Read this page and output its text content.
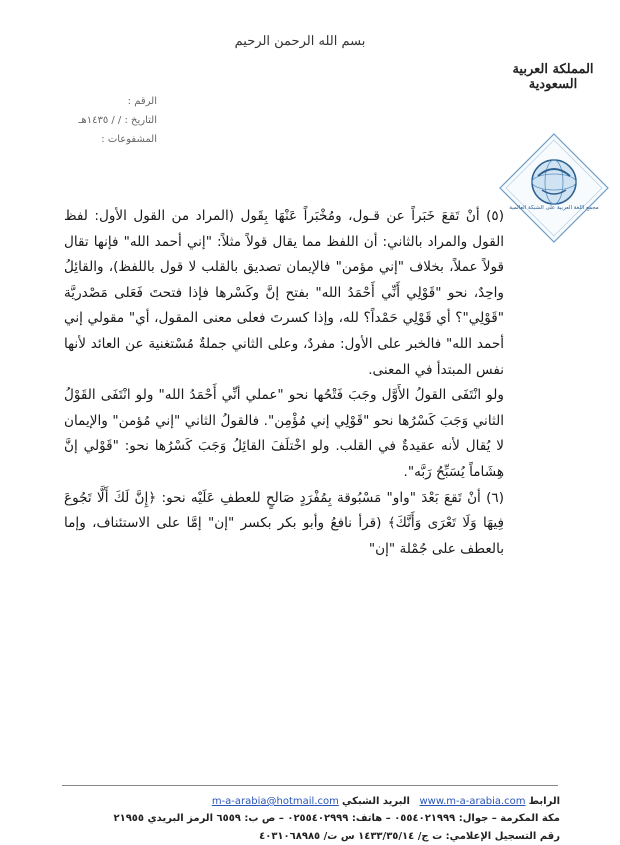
بسم الله الرحمن الرحيم
المملكة العربية السعودية
الرقم :
التاريخ : / / ١٤٣٥هـ
المشفوعات :
مجمع اللغة العربية على الشبكة العالمية

(٥) أنْ تَقعَ خَبَراً عن قـول، ومُخْبَراً عَنْهَا بِقَول (المراد من القول الأول: لفظ القول والمراد بالثاني: أن اللفظ مما يقال قولاً مثلاً: "إني أحمد الله" فإنها تقال قولاً عملاً، بخلاف "إني مؤمن" فالإيمان تصديق بالقلب لا قول باللفظ)، والقائِلُ واحِدٌ، نحو "قَوْلِي أَنِّي أَحْمَدُ الله" بفتح إنَّ وكَسْرها فإذا فتحتَ فَعَلى مَصْدريَّة "قَوْلِي"؟ أي قَوْلِي حَمْداً؟ لله، وإذا كسرتَ فعلى معنى المقول، أي" مقولي إني أحمد الله" فالخبر على الأول: مفردٌ، وعلى الثاني جملةٌ مُسْتغنية عن العائد لأنها نفس المبتدأ في المعنى.

ولو انْتَفَى القولُ الأَوَّل وجَبَ فَتْحُها نحو "عملي أنِّي أَحْمَدُ الله" ولو انْتَفَى القَوْلُ الثاني وَجَبَ كَسْرُها نحو "قَوْلِي إني مُؤْمِن". فالقولُ الثاني "إني مُؤمن" والإيمان لا يُقال لأنه عقيدةٌ في القلب. ولو اخْتلَفَ القائِلُ وَجَبَ كَسْرُها نحو: "قَوْلي إنَّ هِشَاماً يُسَبِّحُ رَبَّه".

(٦) أنْ تَقعَ بَعْدَ "واو" مَسْبُوقة بِمُفْرَدٍ صَالحٍ للعطفِ عَلَيْه نحو: ﴿إِنَّ لَكَ أَلَّا تَجُوعَ فِيهَا وَلَا تَعْرَى وَأَنَّكَ﴾ (قرأ نافعُ وأبو بكر بكسر "إن" إمَّا على الاستئناف، وإما بالعطف على جُمْلة "إن"

الرابط www.m-a-arabia.com   البريد الشبكي m-a-arabia@hotmail.com
مكة المكرمة – جوال: ٠٥٥٤٠٢١٩٩٩ – هاتف: ٠٢٥٥٤٠٢٩٩٩ – ص ب: ٦٥٥٩ الرمز البريدي ٢١٩٥٥
رقم التسجيل الإعلامي: ت ج/ ١٤٣٣/٣٥/١٤ س ت/ ٤٠٣١٠٦٨٩٨٥
